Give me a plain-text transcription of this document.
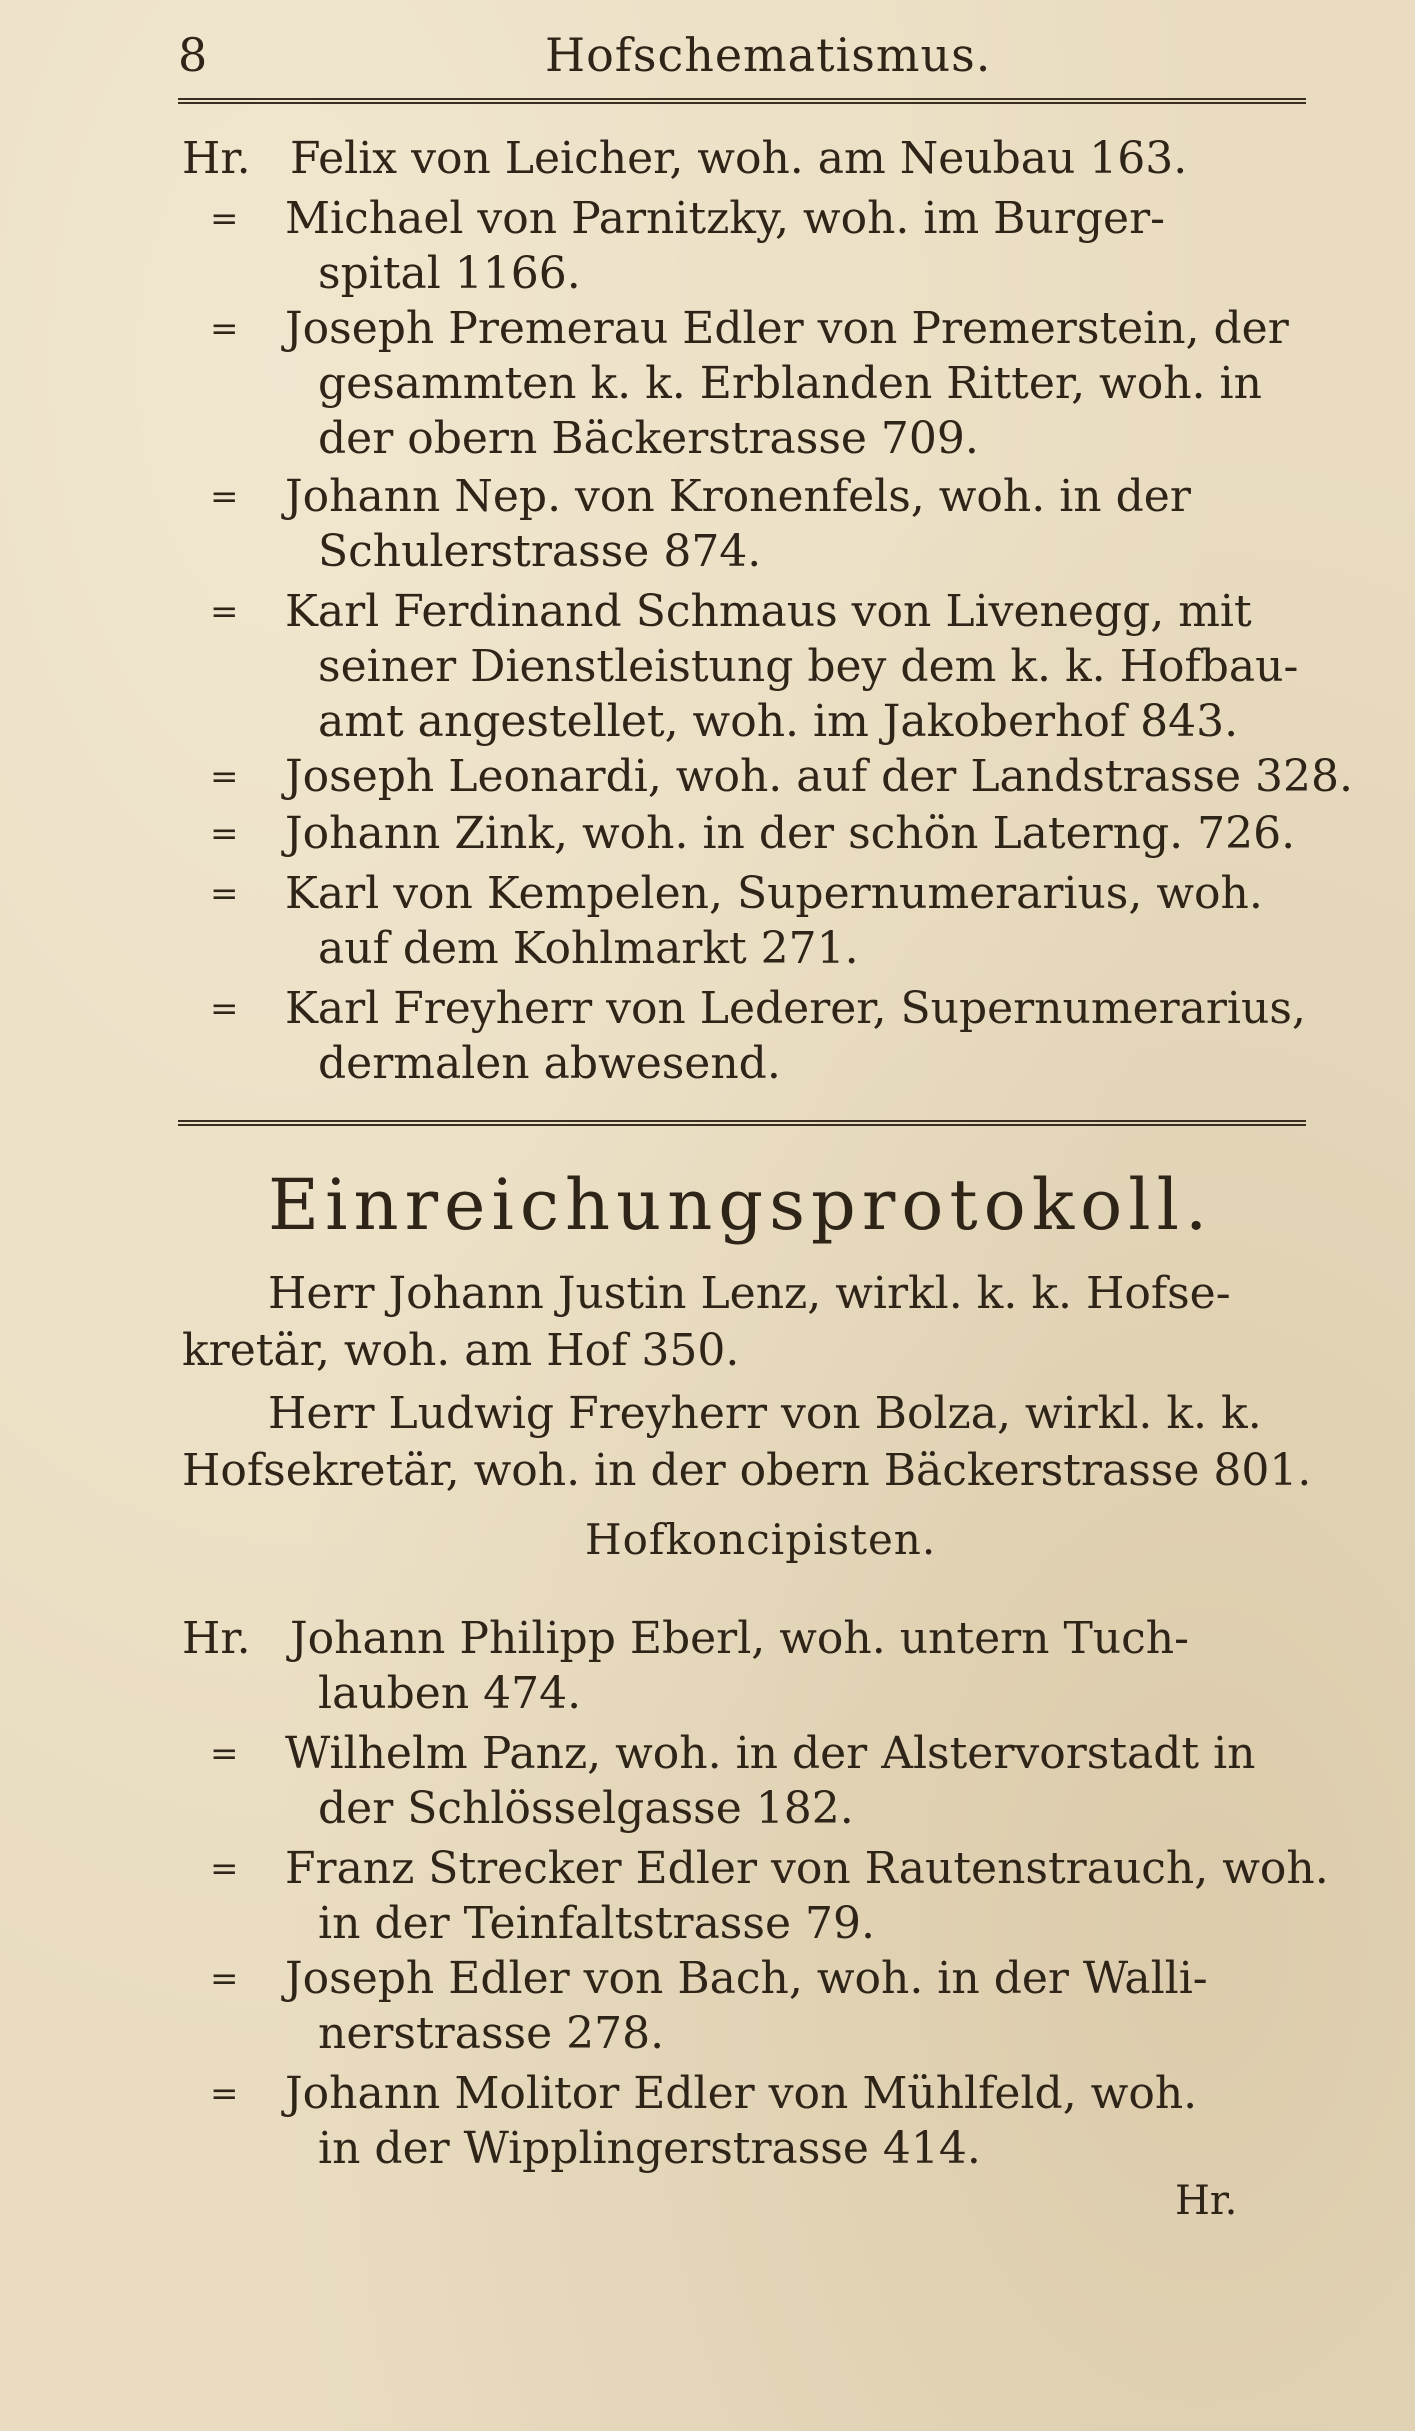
8	Hofschematismus.
Hr. Felix von Leicher, woh. am Neubau 163.
= Michael von Parnitzky, woh. im Burger-
spital 1166.
= Joseph Premerau Edler von Premerstein, der
gesammten k. k. Erblanden Ritter, woh. in
der obern Bäckerstrasse 709.
= Johann Nep. von Kronenfels, woh. in der
Schulerstrasse 874.
= Karl Ferdinand Schmaus von Livenegg, mit
seiner Dienstleistung bey dem k. k. Hofbau-
amt angestellet, woh. im Jakoberhof 843.
= Joseph Leonardi, woh. auf der Landstrasse 328.
= Johann Zink, woh. in der schön Laterng. 726.
= Karl von Kempelen, Supernumerarius, woh.
auf dem Kohlmarkt 271.
= Karl Freyherr von Lederer, Supernumerarius,
dermalen abwesend.
Einreichungsprotokoll.
Herr Johann Justin Lenz, wirkl. k. k. Hofse-
kretär, woh. am Hof 350.
Herr Ludwig Freyherr von Bolza, wirkl. k. k.
Hofsekretär, woh. in der obern Bäckerstrasse 801.
Hofkoncipisten.
Hr. Johann Philipp Eberl, woh. untern Tuch-
lauben 474.
= Wilhelm Panz, woh. in der Alstervorstadt in
der Schlösselgasse 182.
= Franz Strecker Edler von Rautenstrauch, woh.
in der Teinfaltstrasse 79.
= Joseph Edler von Bach, woh. in der Walli-
nerstrasse 278.
= Johann Molitor Edler von Mühlfeld, woh.
in der Wipplingerstrasse 414.
Hr.
